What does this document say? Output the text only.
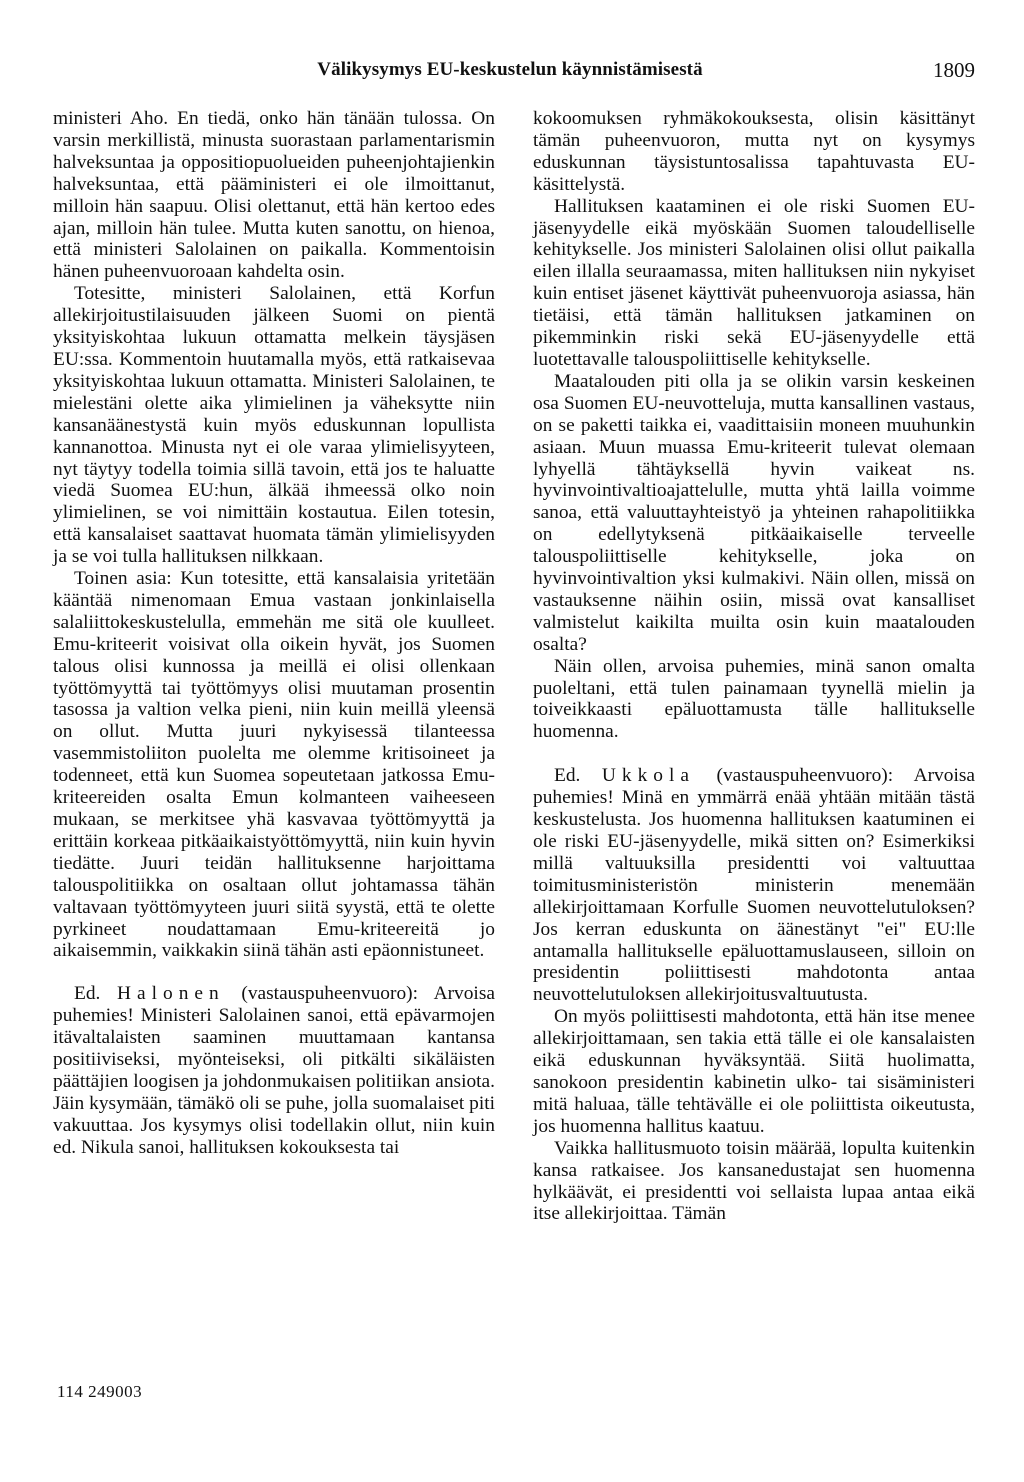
Välikysymys EU-keskustelun käynnistämisestä	1809

ministeri Aho. En tiedä, onko hän tänään tulossa. On varsin merkillistä, minusta suorastaan parlamentarismin halveksuntaa ja oppositiopuolueiden puheenjohtajienkin halveksuntaa, että pääministeri ei ole ilmoittanut, milloin hän saapuu. Olisi olettanut, että hän kertoo edes ajan, milloin hän tulee. Mutta kuten sanottu, on hienoa, että ministeri Salolainen on paikalla. Kommentoisin hänen puheenvuoroaan kahdelta osin.

Totesitte, ministeri Salolainen, että Korfun allekirjoitustilaisuuden jälkeen Suomi on pientä yksityiskohtaa lukuun ottamatta melkein täysjäsen EU:ssa. Kommentoin huutamalla myös, että ratkaisevaa yksityiskohtaa lukuun ottamatta. Ministeri Salolainen, te mielestäni olette aika ylimielinen ja väheksytte niin kansanäänestystä kuin myös eduskunnan lopullista kannanottoa. Minusta nyt ei ole varaa ylimielisyyteen, nyt täytyy todella toimia sillä tavoin, että jos te haluatte viedä Suomea EU:hun, älkää ihmeessä olko noin ylimielinen, se voi nimittäin kostautua. Eilen totesin, että kansalaiset saattavat huomata tämän ylimielisyyden ja se voi tulla hallituksen nilkkaan.

Toinen asia: Kun totesitte, että kansalaisia yritetään kääntää nimenomaan Emua vastaan jonkinlaisella salaliittokeskustelulla, emmehän me sitä ole kuulleet. Emu-kriteerit voisivat olla oikein hyvät, jos Suomen talous olisi kunnossa ja meillä ei olisi ollenkaan työttömyyttä tai työttömyys olisi muutaman prosentin tasossa ja valtion velka pieni, niin kuin meillä yleensä on ollut. Mutta juuri nykyisessä tilanteessa vasemmistoliiton puolelta me olemme kritisoineet ja todenneet, että kun Suomea sopeutetaan jatkossa Emu-kriteereiden osalta Emun kolmanteen vaiheeseen mukaan, se merkitsee yhä kasvavaa työttömyyttä ja erittäin korkeaa pitkäaikaistyöttömyyttä, niin kuin hyvin tiedätte. Juuri teidän hallituksenne harjoittama talouspolitiikka on osaltaan ollut johtamassa tähän valtavaan työttömyyteen juuri siitä syystä, että te olette pyrkineet noudattamaan Emu-kriteereitä jo aikaisemmin, vaikkakin siinä tähän asti epäonnistuneet.

Ed. Halonen (vastauspuheenvuoro): Arvoisa puhemies! Ministeri Salolainen sanoi, että epävarmojen itävaltalaisten saaminen muuttamaan kantansa positiiviseksi, myönteiseksi, oli pitkälti sikäläisten päättäjien loogisen ja johdonmukaisen politiikan ansiota. Jäin kysymään, tämäkö oli se puhe, jolla suomalaiset piti vakuuttaa. Jos kysymys olisi todellakin ollut, niin kuin ed. Nikula sanoi, hallituksen kokouksesta tai

kokoomuksen ryhmäkokouksesta, olisin käsittänyt tämän puheenvuoron, mutta nyt on kysymys eduskunnan täysistuntosalissa tapahtuvasta EU-käsittelystä.

Hallituksen kaataminen ei ole riski Suomen EU-jäsenyydelle eikä myöskään Suomen taloudelliselle kehitykselle. Jos ministeri Salolainen olisi ollut paikalla eilen illalla seuraamassa, miten hallituksen niin nykyiset kuin entiset jäsenet käyttivät puheenvuoroja asiassa, hän tietäisi, että tämän hallituksen jatkaminen on pikemminkin riski sekä EU-jäsenyydelle että luotettavalle talouspoliittiselle kehitykselle.

Maatalouden piti olla ja se olikin varsin keskeinen osa Suomen EU-neuvotteluja, mutta kansallinen vastaus, on se paketti taikka ei, vaadittaisiin moneen muuhunkin asiaan. Muun muassa Emu-kriteerit tulevat olemaan lyhyellä tähtäyksellä hyvin vaikeat ns. hyvinvointivaltioajattelulle, mutta yhtä lailla voimme sanoa, että valuuttayhteistyö ja yhteinen rahapolitiikka on edellytyksenä pitkäaikaiselle terveelle talouspoliittiselle kehitykselle, joka on hyvinvointivaltion yksi kulmakivi. Näin ollen, missä on vastauksenne näihin osiin, missä ovat kansalliset valmistelut kaikilta muilta osin kuin maatalouden osalta?

Näin ollen, arvoisa puhemies, minä sanon omalta puoleltani, että tulen painamaan tyynellä mielin ja toiveikkaasti epäluottamusta tälle hallitukselle huomenna.

Ed. Ukkola (vastauspuheenvuoro): Arvoisa puhemies! Minä en ymmärrä enää yhtään mitään tästä keskustelusta. Jos huomenna hallituksen kaatuminen ei ole riski EU-jäsenyydelle, mikä sitten on? Esimerkiksi millä valtuuksilla presidentti voi valtuuttaa toimitusministeristön ministerin menemään allekirjoittamaan Korfulle Suomen neuvottelutuloksen? Jos kerran eduskunta on äänestänyt "ei" EU:lle antamalla hallitukselle epäluottamuslauseen, silloin on presidentin poliittisesti mahdotonta antaa neuvottelutuloksen allekirjoitusvaltuutusta.

On myös poliittisesti mahdotonta, että hän itse menee allekirjoittamaan, sen takia että tälle ei ole kansalaisten eikä eduskunnan hyväksyntää. Siitä huolimatta, sanokoon presidentin kabinetin ulko- tai sisäministeri mitä haluaa, tälle tehtävälle ei ole poliittista oikeutusta, jos huomenna hallitus kaatuu.

Vaikka hallitusmuoto toisin määrää, lopulta kuitenkin kansa ratkaisee. Jos kansanedustajat sen huomenna hylkäävät, ei presidentti voi sellaista lupaa antaa eikä itse allekirjoittaa. Tämän

114 249003
